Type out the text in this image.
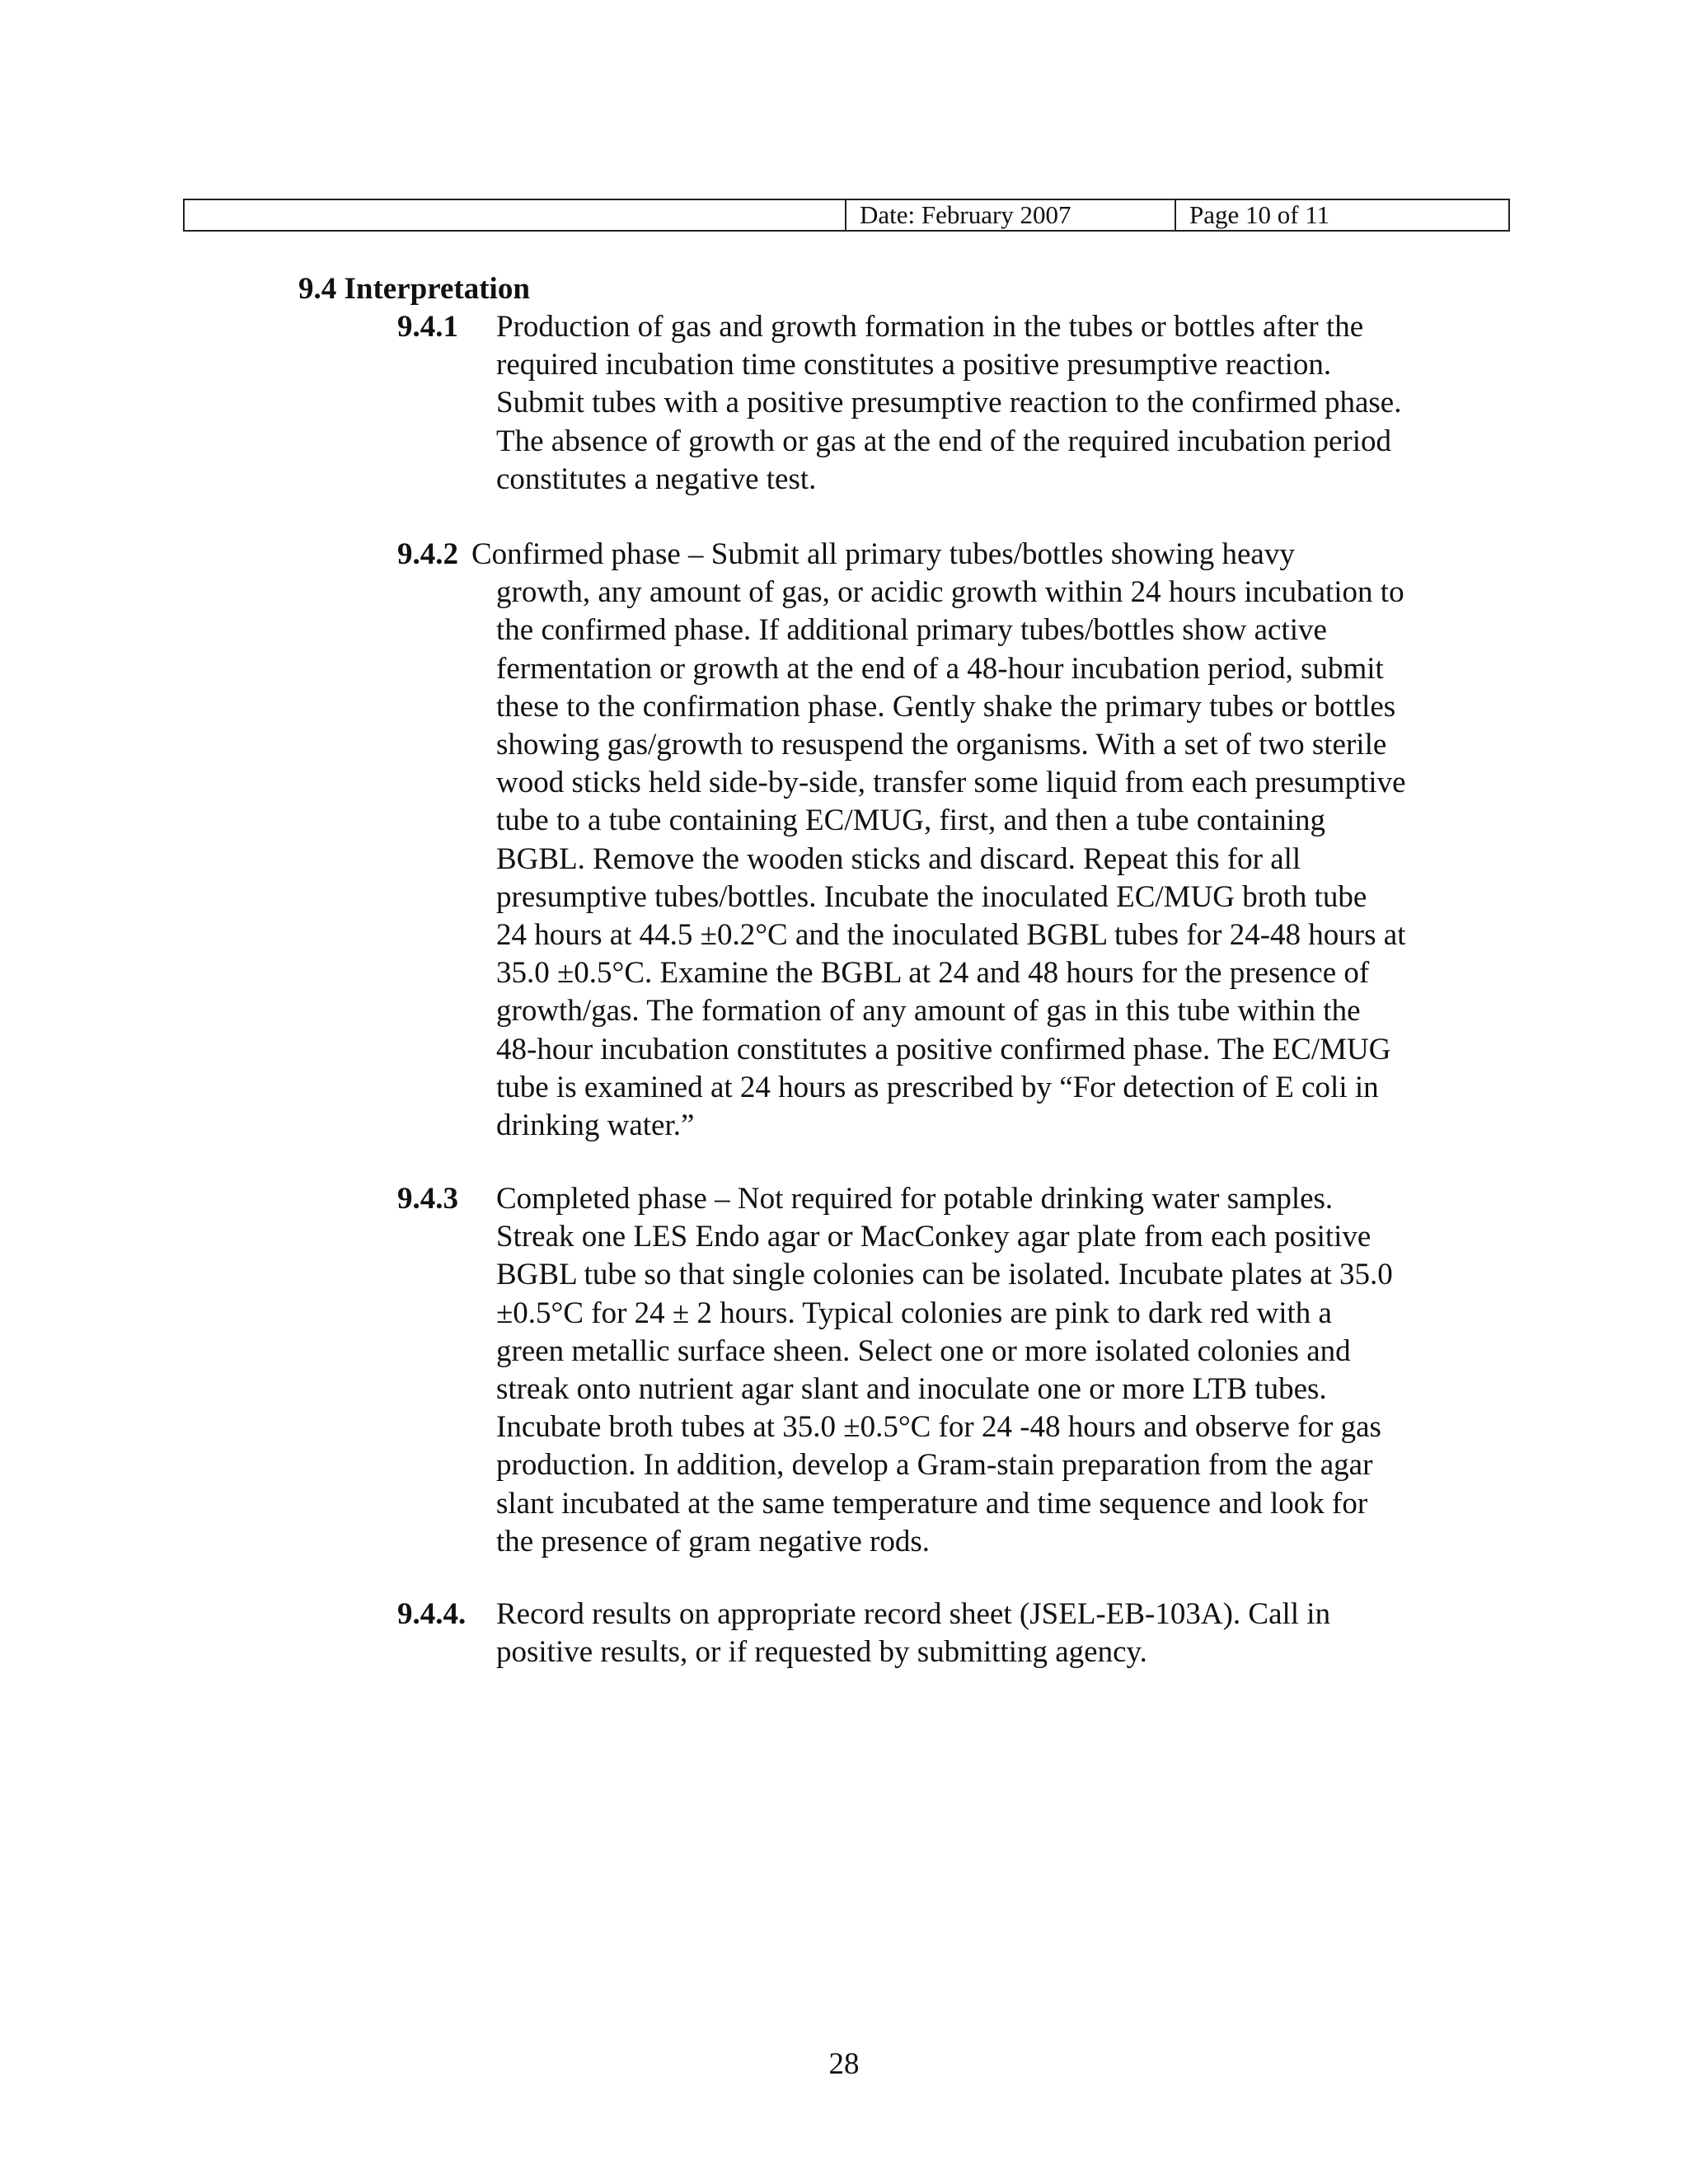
Date: February 2007	Page 10 of 11
9.4 Interpretation
9.4.1 Production of gas and growth formation in the tubes or bottles after the
required incubation time constitutes a positive presumptive reaction.
Submit tubes with a positive presumptive reaction to the confirmed phase.
The absence of growth or gas at the end of the required incubation period
constitutes a negative test.
9.4.2 Confirmed phase – Submit all primary tubes/bottles showing heavy
growth, any amount of gas, or acidic growth within 24 hours incubation to
the confirmed phase. If additional primary tubes/bottles show active
fermentation or growth at the end of a 48-hour incubation period, submit
these to the confirmation phase. Gently shake the primary tubes or bottles
showing gas/growth to resuspend the organisms. With a set of two sterile
wood sticks held side-by-side, transfer some liquid from each presumptive
tube to a tube containing EC/MUG, first, and then a tube containing
BGBL. Remove the wooden sticks and discard. Repeat this for all
presumptive tubes/bottles. Incubate the inoculated EC/MUG broth tube
24 hours at 44.5 ±0.2°C and the inoculated BGBL tubes for 24-48 hours at
35.0 ±0.5°C. Examine the BGBL at 24 and 48 hours for the presence of
growth/gas. The formation of any amount of gas in this tube within the
48-hour incubation constitutes a positive confirmed phase. The EC/MUG
tube is examined at 24 hours as prescribed by “For detection of E coli in
drinking water.”
9.4.3 Completed phase – Not required for potable drinking water samples.
Streak one LES Endo agar or MacConkey agar plate from each positive
BGBL tube so that single colonies can be isolated. Incubate plates at 35.0
±0.5°C for 24 ± 2 hours. Typical colonies are pink to dark red with a
green metallic surface sheen. Select one or more isolated colonies and
streak onto nutrient agar slant and inoculate one or more LTB tubes.
Incubate broth tubes at 35.0 ±0.5°C for 24 -48 hours and observe for gas
production. In addition, develop a Gram-stain preparation from the agar
slant incubated at the same temperature and time sequence and look for
the presence of gram negative rods.
9.4.4. Record results on appropriate record sheet (JSEL-EB-103A). Call in
positive results, or if requested by submitting agency.
28
